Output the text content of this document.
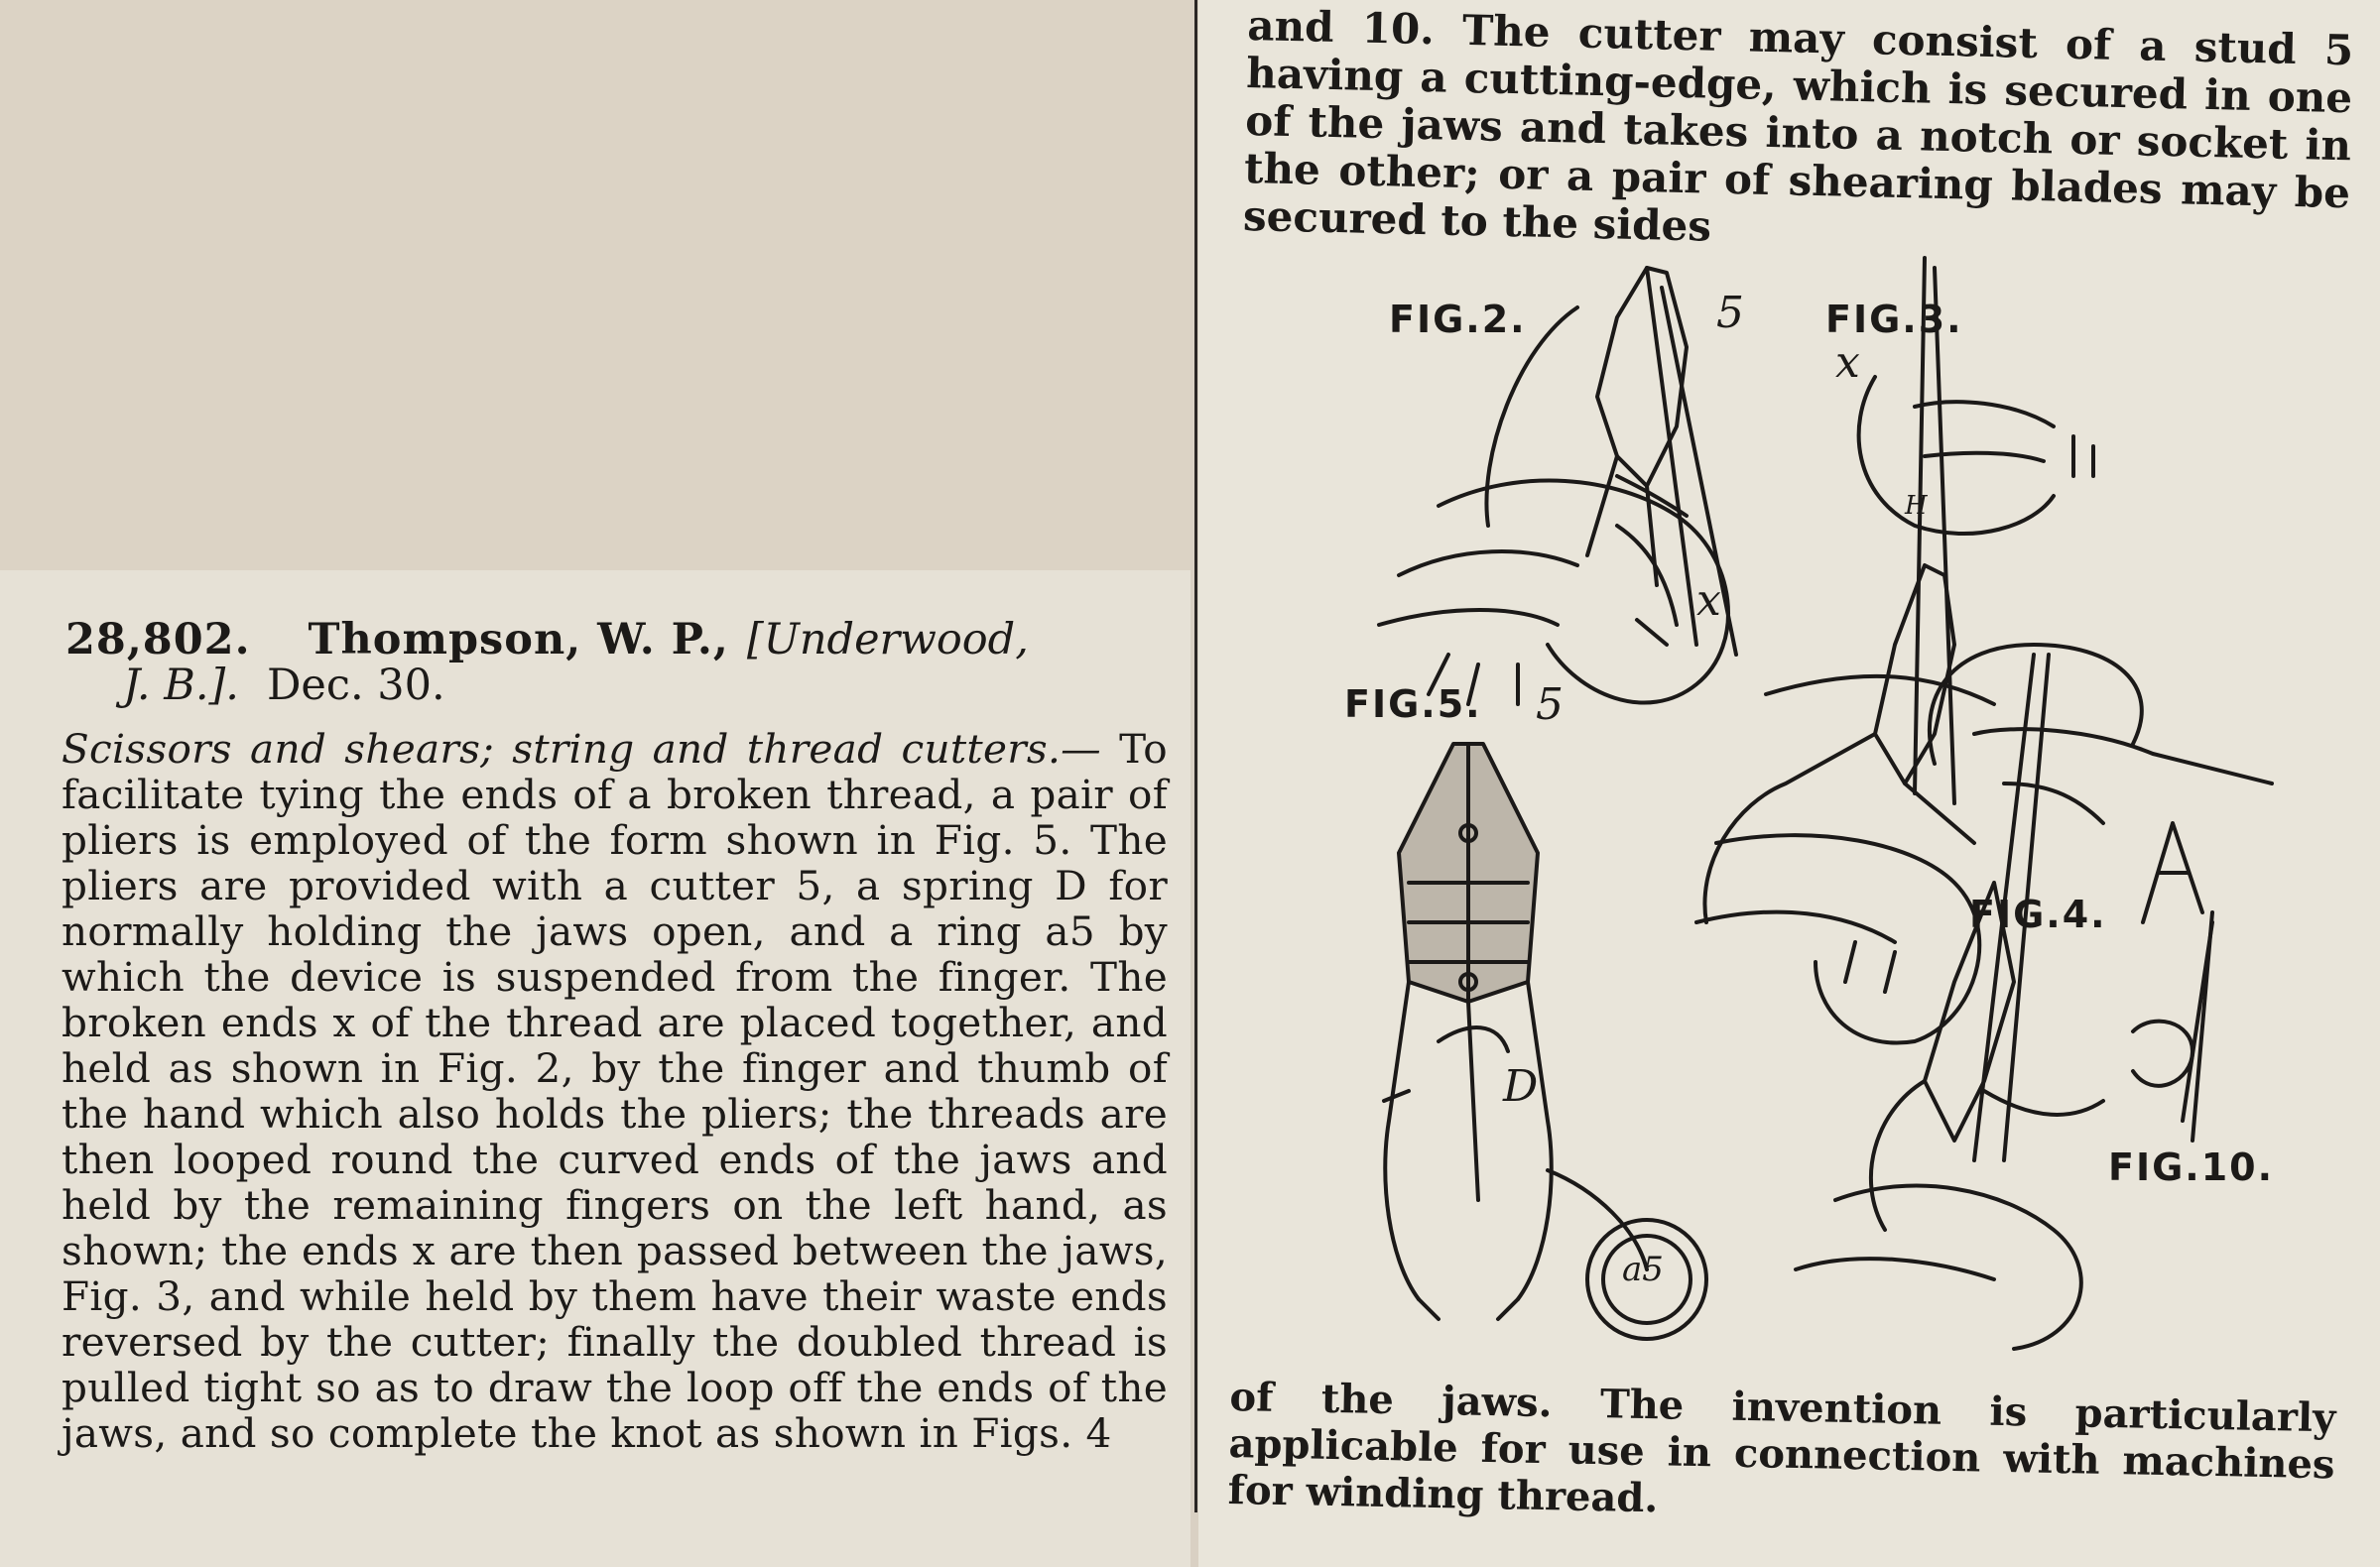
28,802. Thompson, W. P., [Underwood,
J. B.]. Dec. 30.
Scissors and shears; string and thread cutters.— To facilitate tying the ends of a broken thread, a pair of pliers is employed of the form shown in Fig. 5. The pliers are provided with a cutter 5, a spring D for normally holding the jaws open, and a ring a5 by which the device is suspended from the finger. The broken ends x of the thread are placed together, and held as shown in Fig. 2, by the finger and thumb of the hand which also holds the pliers; the threads are then looped round the curved ends of the jaws and held by the remaining fingers on the left hand, as shown; the ends x are then passed between the jaws, Fig. 3, and while held by them have their waste ends reversed by the cutter; finally the doubled thread is pulled tight so as to draw the loop off the ends of the jaws, and so complete the knot as shown in Figs. 4
and 10. The cutter may consist of a stud 5 having a cutting-edge, which is secured in one of the jaws and takes into a notch or socket in the other; or a pair of shearing blades may be secured to the sides
FIG.2.	FIG.3.
FIG.4.
FIG.5.
FIG.10.
5
5
x
x
H
D
a5
of the jaws. The invention is particularly applicable for use in connection with machines for winding thread.
